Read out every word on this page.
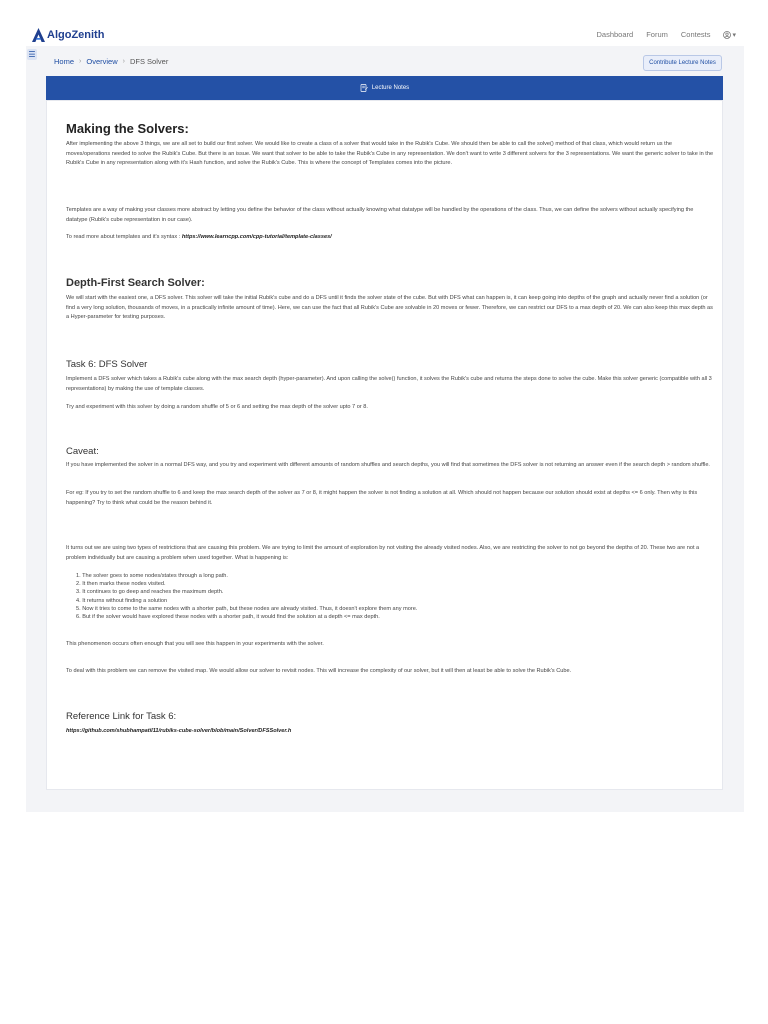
AlgoZenith	Dashboard Forum Contests	▾
☰
Home › Overview › DFS Solver	Contribute Lecture Notes
Lecture Notes
Making the Solvers:

After implementing the above 3 things, we are all set to build our first solver. We would like to create a class of a solver that would take in the Rubik's Cube. We should then be able to call the solve() method of that class, which would return us the moves/operations needed to solve the Rubik's Cube. But there is an issue. We want that solver to be able to take the Rubik's Cube in any representation. We don't want to write 3 different solvers for the 3 representations. We want the generic solver to take in the Rubik's Cube in any representation along with it's Hash function, and solve the Rubik's Cube. This is where the concept of Templates comes into the picture.

Templates are a way of making your classes more abstract by letting you define the behavior of the class without actually knowing what datatype will be handled by the operations of the class. Thus, we can define the solvers without actually specifying the datatype (Rubik's cube representation in our case).

To read more about templates and it's syntax : https://www.learncpp.com/cpp-tutorial/template-classes/

Depth-First Search Solver:

We will start with the easiest one, a DFS solver. This solver will take the initial Rubik's cube and do a DFS until it finds the solver state of the cube. But with DFS what can happen is, it can keep going into depths of the graph and actually never find a solution (or find a very long solution, thousands of moves, in a practically infinite amount of time). Here, we can use the fact that all Rubik's Cube are solvable in 20 moves or fewer. Therefore, we can restrict our DFS to a max depth of 20. We can also keep this max depth as a Hyper-parameter for testing purposes.

Task 6: DFS Solver

Implement a DFS solver which takes a Rubik's cube along with the max search depth (hyper-parameter). And upon calling the solve() function, it solves the Rubik's cube and returns the steps done to solve the cube. Make this solver generic (compatible with all 3 representations) by making the use of template classes.

Try and experiment with this solver by doing a random shuffle of 5 or 6 and setting the max depth of the solver upto 7 or 8.

Caveat:

If you have implemented the solver in a normal DFS way, and you try and experiment with different amounts of random shuffles and search depths, you will find that sometimes the DFS solver is not returning an answer even if the search depth > random shuffle.

For eg: If you try to set the random shuffle to 6 and keep the max search depth of the solver as 7 or 8, it might happen the solver is not finding a solution at all. Which should not happen because our solution should exist at depths <= 6 only. Then why is this happening? Try to think what could be the reason behind it.

It turns out we are using two types of restrictions that are causing this problem. We are trying to limit the amount of exploration by not visiting the already visited nodes. Also, we are restricting the solver to not go beyond the depths of 20. These two are not a problem individually but are causing a problem when used together. What is happening is:

1. The solver goes to some nodes/states through a long path.
2. It then marks these nodes visited.
3. It continues to go deep and reaches the maximum depth.
4. It returns without finding a solution
5. Now it tries to come to the same nodes with a shorter path, but these nodes are already visited. Thus, it doesn't explore them any more.
6. But if the solver would have explored these nodes with a shorter path, it would find the solution at a depth <= max depth.

This phenomenon occurs often enough that you will see this happen in your experiments with the solver.

To deal with this problem we can remove the visited map. We would allow our solver to revisit nodes. This will increase the complexity of our solver, but it will then at least be able to solve the Rubik's Cube.

Reference Link for Task 6:

https://github.com/shubhampatil11/rubiks-cube-solver/blob/main/Solver/DFSSolver.h
